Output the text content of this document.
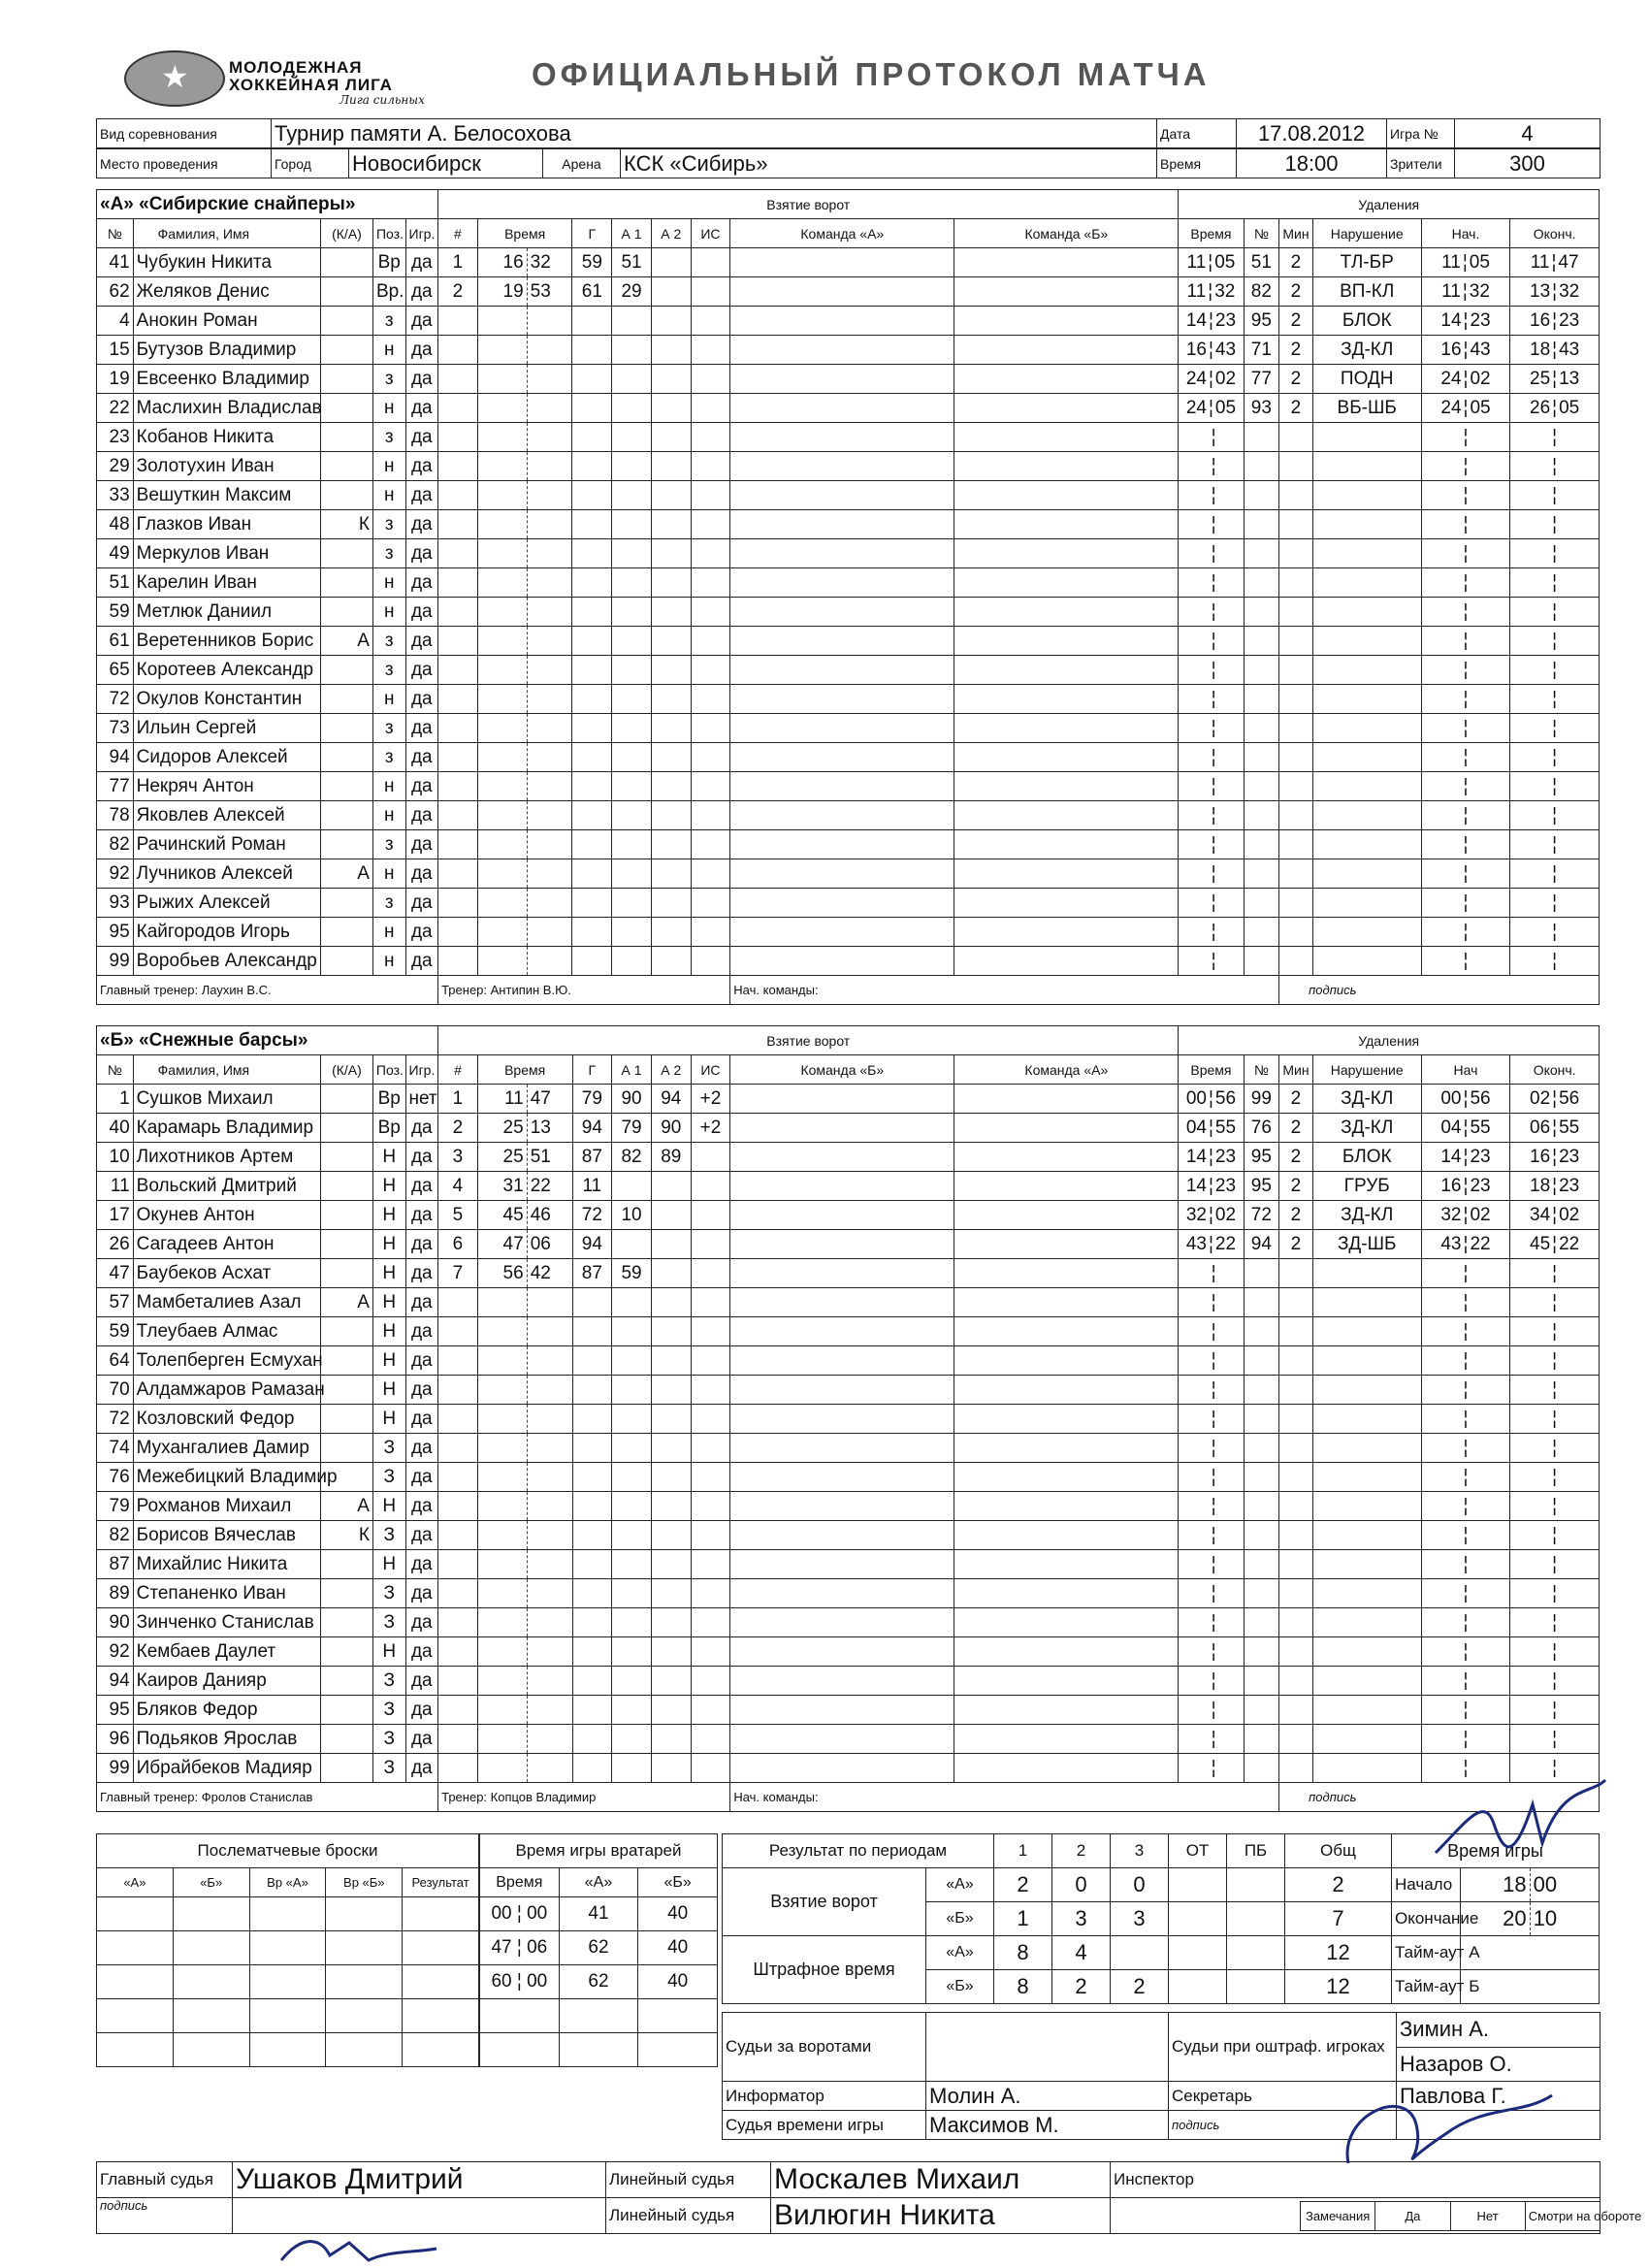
★
МОЛОДЕЖНАЯ
ХОККЕЙНАЯ ЛИГА
Лига сильных
ОФИЦИАЛЬНЫЙ ПРОТОКОЛ МАТЧА
Вид соревнования	Турнир памяти А. Белосохова	Дата	17.08.2012	Игра №	4
Место проведения	Город	Новосибирск	Арена	КСК «Сибирь»	Время	18:00	Зрители	300
«А» «Сибирские снайперы»					Взятие ворот									Удаления					
№	Фамилия, Имя	(К/А)	Поз.	Игр.	#	Время		Г	А 1	А 2	ИС	Команда «А»	Команда «Б»	Время	№	Мин	Нарушение	Нач.	Оконч.
41	Чубукин Никита		Вр	да	1	16	32	59	51					11 ¦ 05	51	2	ТЛ-БР	11 ¦ 05	11 ¦ 47
62	Желяков Денис		Вр.	да	2	19	53	61	29					11 ¦ 32	82	2	ВП-КЛ	11 ¦ 32	13 ¦ 32
4	Анокин Роман		з	да										14 ¦ 23	95	2	БЛОК	14 ¦ 23	16 ¦ 23
15	Бутузов Владимир		н	да										16 ¦ 43	71	2	ЗД-КЛ	16 ¦ 43	18 ¦ 43
19	Евсеенко Владимир		з	да										24 ¦ 02	77	2	ПОДН	24 ¦ 02	25 ¦ 13
22	Маслихин Владислав		н	да										24 ¦ 05	93	2	ВБ-ШБ	24 ¦ 05	26 ¦ 05
23	Кобанов Никита		з	да										¦				¦	¦
29	Золотухин Иван		н	да										¦				¦	¦
33	Вешуткин Максим		н	да										¦				¦	¦
48	Глазков Иван	К	з	да										¦				¦	¦
49	Меркулов Иван		з	да										¦				¦	¦
51	Карелин Иван		н	да										¦				¦	¦
59	Метлюк Даниил		н	да										¦				¦	¦
61	Веретенников Борис	А	з	да										¦				¦	¦
65	Коротеев Александр		з	да										¦				¦	¦
72	Окулов Константин		н	да										¦				¦	¦
73	Ильин Сергей		з	да										¦				¦	¦
94	Сидоров Алексей		з	да										¦				¦	¦
77	Некряч Антон		н	да										¦				¦	¦
78	Яковлев Алексей		н	да										¦				¦	¦
82	Рачинский Роман		з	да										¦				¦	¦
92	Лучников Алексей	А	н	да										¦				¦	¦
93	Рыжих Алексей		з	да										¦				¦	¦
95	Кайгородов Игорь		н	да										¦				¦	¦
99	Воробьев Александр		н	да										¦				¦	¦
Главный тренер: Лаухин В.С.					Тренер: Антипин В.Ю.							Нач. команды:				подпись			
«Б» «Снежные барсы»					Взятие ворот									Удаления					
№	Фамилия, Имя	(К/А)	Поз.	Игр.	#	Время		Г	А 1	А 2	ИС	Команда «Б»	Команда «А»	Время	№	Мин	Нарушение	Нач	Оконч.
1	Сушков Михаил		Вр	нет	1	11	47	79	90	94	+2			00 ¦ 56	99	2	ЗД-КЛ	00 ¦ 56	02 ¦ 56
40	Карамарь Владимир		Вр	да	2	25	13	94	79	90	+2			04 ¦ 55	76	2	ЗД-КЛ	04 ¦ 55	06 ¦ 55
10	Лихотников Артем		Н	да	3	25	51	87	82	89				14 ¦ 23	95	2	БЛОК	14 ¦ 23	16 ¦ 23
11	Вольский Дмитрий		Н	да	4	31	22	11						14 ¦ 23	95	2	ГРУБ	16 ¦ 23	18 ¦ 23
17	Окунев Антон		Н	да	5	45	46	72	10					32 ¦ 02	72	2	ЗД-КЛ	32 ¦ 02	34 ¦ 02
26	Сагадеев Антон		Н	да	6	47	06	94						43 ¦ 22	94	2	ЗД-ШБ	43 ¦ 22	45 ¦ 22
47	Баубеков Асхат		Н	да	7	56	42	87	59					¦				¦	¦
57	Мамбеталиев Азал	А	Н	да										¦				¦	¦
59	Тлеубаев Алмас		Н	да										¦				¦	¦
64	Толепберген Есмухан		Н	да										¦				¦	¦
70	Алдамжаров Рамазан		Н	да										¦				¦	¦
72	Козловский Федор		Н	да										¦				¦	¦
74	Мухангалиев Дамир		З	да										¦				¦	¦
76	Межебицкий Владимир		З	да										¦				¦	¦
79	Рохманов Михаил	А	Н	да										¦				¦	¦
82	Борисов Вячеслав	К	З	да										¦				¦	¦
87	Михайлис Никита		Н	да										¦				¦	¦
89	Степаненко Иван		З	да										¦				¦	¦
90	Зинченко Станислав		З	да										¦				¦	¦
92	Кембаев Даулет		Н	да										¦				¦	¦
94	Каиров Данияр		З	да										¦				¦	¦
95	Бляков Федор		З	да										¦				¦	¦
96	Подьяков Ярослав		З	да										¦				¦	¦
99	Ибрайбеков Мадияр		З	да										¦				¦	¦
Главный тренер: Фролов Станислав					Тренер: Копцов Владимир							Нач. команды:				подпись			
Послематчевые броски				
«А»	«Б»	Вр «А»	Вр «Б»	Результат

Время игры вратарей		
Время	«А»	«Б»
00 ¦ 00	41	40
47 ¦ 06	62	40
60 ¦ 00	62	40

Результат по периодам		1	2	3	ОТ	ПБ	Общ
Взятие ворот	«А»	2	0	0			2
	«Б»	1	3	3			7
Штрафное время	«А»	8	4				12
	«Б»	8	2	2			12
Время игры		
Начало	18	00
Окончание	20	10
Тайм-аут А		
Тайм-аут Б		
Судьи за воротами		Судьи при оштраф. игроках	Зимин А.
			Назаров О.
Информатор	Молин А.	Секретарь	Павлова Г.
Судья времени игры	Максимов М.	подпись	
Главный судья	Ушаков Дмитрий	Линейный судья	Москалев Михаил	Инспектор
подпись		Линейный судья	Вилюгин Никита		Замечания	Да	Нет	Смотри на обороте
